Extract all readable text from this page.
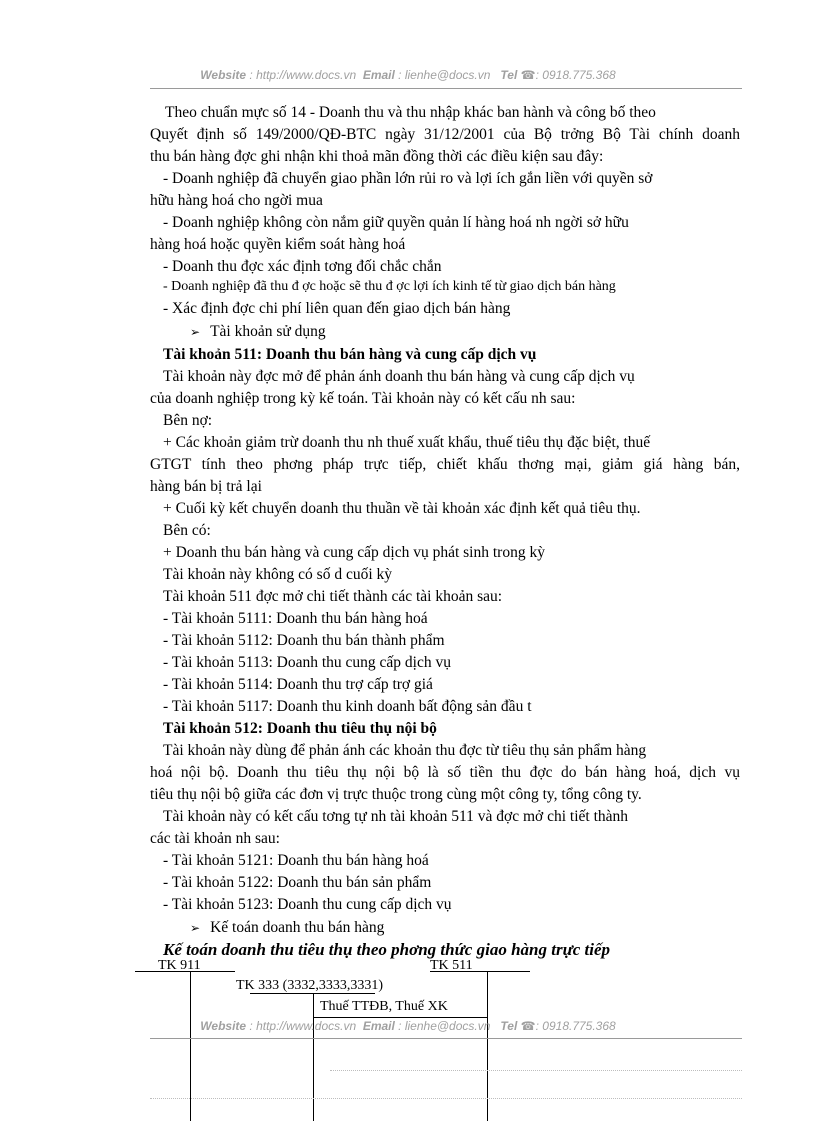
Website : http://www.docs.vn Email : lienhe@docs.vn Tel ☎: 0918.775.368
Theo chuẩn mực số 14 - Doanh thu và thu nhập khác ban hành và công bố theo
Quyết định số 149/2000/QĐ-BTC ngày 31/12/2001 của Bộ trởng Bộ Tài chính doanh
thu bán hàng đợc ghi nhận khi thoả mãn đồng thời các điều kiện sau đây:
- Doanh nghiệp đã chuyển giao phần lớn rủi ro và lợi ích gắn liền với quyền sở
hữu hàng hoá cho ngời mua
- Doanh nghiệp không còn nắm giữ quyền quản lí hàng hoá nh ngời sở hữu
hàng hoá hoặc quyền kiểm soát hàng hoá
- Doanh thu đợc xác định tơng đối chắc chắn
- Doanh nghiệp đã thu đ ợc hoặc sẽ thu đ ợc lợi ích kinh tế từ giao dịch bán hàng
- Xác định đợc chi phí liên quan đến giao dịch bán hàng
➢ Tài khoản sử dụng
Tài khoản 511: Doanh thu bán hàng và cung cấp dịch vụ
Tài khoản này đợc mở để phản ánh doanh thu bán hàng và cung cấp dịch vụ
của doanh nghiệp trong kỳ kế toán. Tài khoản này có kết cấu nh sau:
Bên nợ:
+ Các khoản giảm trừ doanh thu nh thuế xuất khẩu, thuế tiêu thụ đặc biệt, thuế
GTGT tính theo phơng pháp trực tiếp, chiết khấu thơng mại, giảm giá hàng bán,
hàng bán bị trả lại
+ Cuối kỳ kết chuyển doanh thu thuần về tài khoản xác định kết quả tiêu thụ.
Bên có:
+ Doanh thu bán hàng và cung cấp dịch vụ phát sinh trong kỳ
Tài khoản này không có số d cuối kỳ
Tài khoản 511 đợc mở chi tiết thành các tài khoản sau:
- Tài khoản 5111: Doanh thu bán hàng hoá
- Tài khoản 5112: Doanh thu bán thành phẩm
- Tài khoản 5113: Doanh thu cung cấp dịch vụ
- Tài khoản 5114: Doanh thu trợ cấp trợ giá
- Tài khoản 5117: Doanh thu kinh doanh bất động sản đầu t
Tài khoản 512: Doanh thu tiêu thụ nội bộ
Tài khoản này dùng để phản ánh các khoản thu đợc từ tiêu thụ sản phẩm hàng
hoá nội bộ. Doanh thu tiêu thụ nội bộ là số tiền thu đợc do bán hàng hoá, dịch vụ
tiêu thụ nội bộ giữa các đơn vị trực thuộc trong cùng một công ty, tổng công ty.
Tài khoản này có kết cấu tơng tự nh tài khoản 511 và đợc mở chi tiết thành
các tài khoản nh sau:
- Tài khoản 5121: Doanh thu bán hàng hoá
- Tài khoản 5122: Doanh thu bán sản phẩm
- Tài khoản 5123: Doanh thu cung cấp dịch vụ
➢ Kế toán doanh thu bán hàng
Kế toán doanh thu tiêu thụ theo phơng thức giao hàng trực tiếp
TK 911	TK 511
TK 333 (3332,3333,3331)
Thuế TTĐB, Thuế XK
Website : http://www.docs.vn Email : lienhe@docs.vn Tel ☎: 0918.775.368
